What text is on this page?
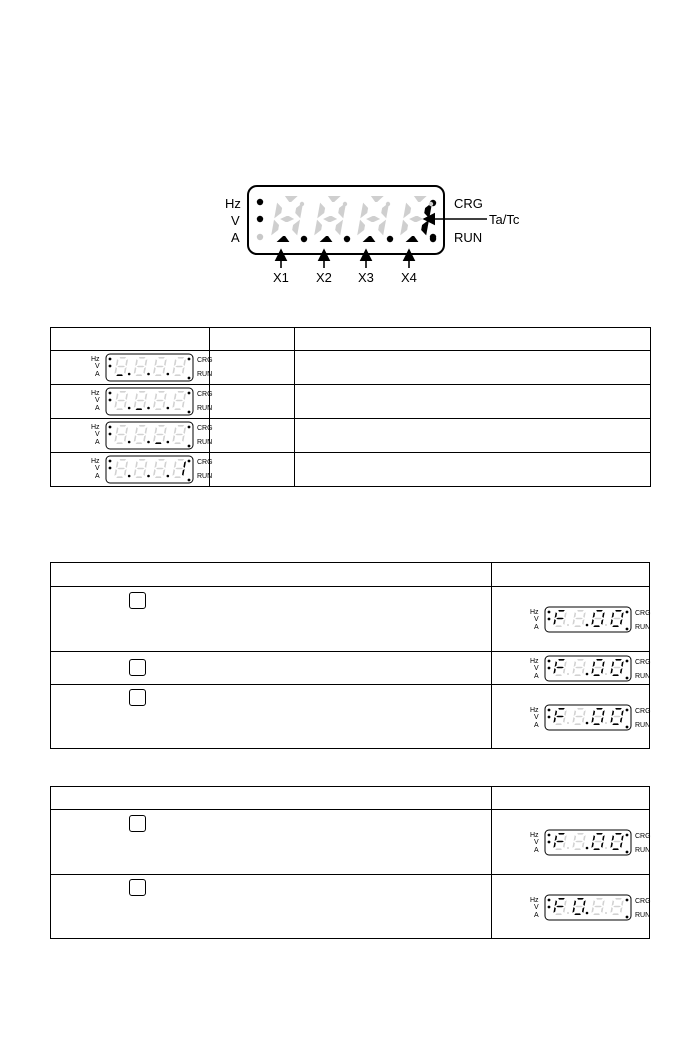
Hz
V
A
CRG
RUN
Ta/Tc
X1 X2 X3 X4

Hz
V
A
CRG
RUN		

Hz
V
A
CRG
RUN		

Hz
V
A
CRG
RUN		

Hz
V
A
CRG
RUN		

Hz
V
A
CRG
RUN

Hz
V
A
CRG
RUN

Hz
V
A
CRG
RUN

Hz
V
A
CRG
RUN

Hz
V
A
CRG
RUN
